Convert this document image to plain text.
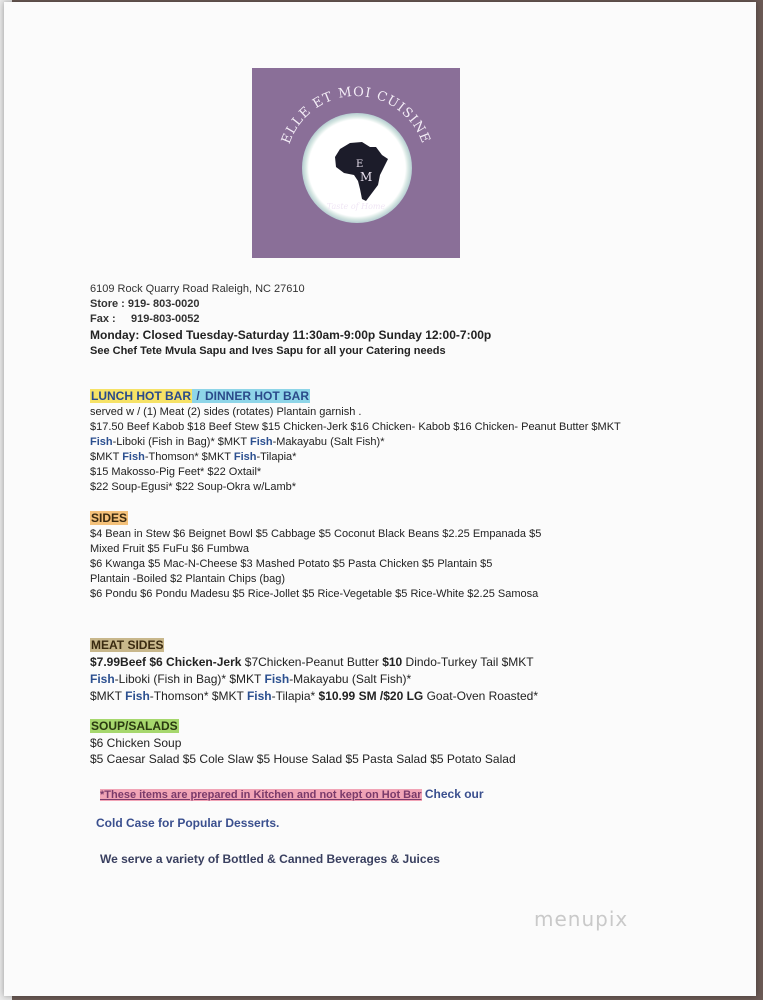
ELLE ET MOI CUISINE
E
M
Taste of Home
6109 Rock Quarry Road Raleigh, NC 27610
Store : 919- 803-0020
Fax :     919-803-0052
Monday: Closed Tuesday-Saturday 11:30am-9:00p Sunday 12:00-7:00p
See Chef Tete Mvula Sapu and Ives Sapu for all your Catering needs
LUNCH HOT BAR / DINNER HOT BAR
served w / (1) Meat (2) sides (rotates) Plantain garnish .
$17.50 Beef Kabob $18 Beef Stew $15 Chicken-Jerk $16 Chicken- Kabob $16 Chicken- Peanut Butter $MKT
Fish-Liboki (Fish in Bag)* $MKT Fish-Makayabu (Salt Fish)*
$MKT Fish-Thomson* $MKT Fish-Tilapia*
$15 Makosso-Pig Feet* $22 Oxtail*
$22 Soup-Egusi* $22 Soup-Okra w/Lamb*
SIDES
$4 Bean in Stew $6 Beignet Bowl $5 Cabbage $5 Coconut Black Beans $2.25 Empanada $5
Mixed Fruit $5 FuFu $6 Fumbwa
$6 Kwanga $5 Mac-N-Cheese $3 Mashed Potato $5 Pasta Chicken $5 Plantain $5
Plantain -Boiled $2 Plantain Chips (bag)
$6 Pondu $6 Pondu Madesu $5 Rice-Jollet $5 Rice-Vegetable $5 Rice-White $2.25 Samosa
MEAT SIDES
$7.99Beef $6 Chicken-Jerk $7Chicken-Peanut Butter $10 Dindo-Turkey Tail $MKT
Fish-Liboki (Fish in Bag)* $MKT Fish-Makayabu (Salt Fish)*
$MKT Fish-Thomson* $MKT Fish-Tilapia* $10.99 SM /$20 LG Goat-Oven Roasted*
SOUP/SALADS
$6 Chicken Soup
$5 Caesar Salad $5 Cole Slaw $5 House Salad $5 Pasta Salad $5 Potato Salad
*These items are prepared in Kitchen and not kept on Hot Bar Check our
Cold Case for Popular Desserts.
We serve a variety of Bottled & Canned Beverages & Juices
menupix
